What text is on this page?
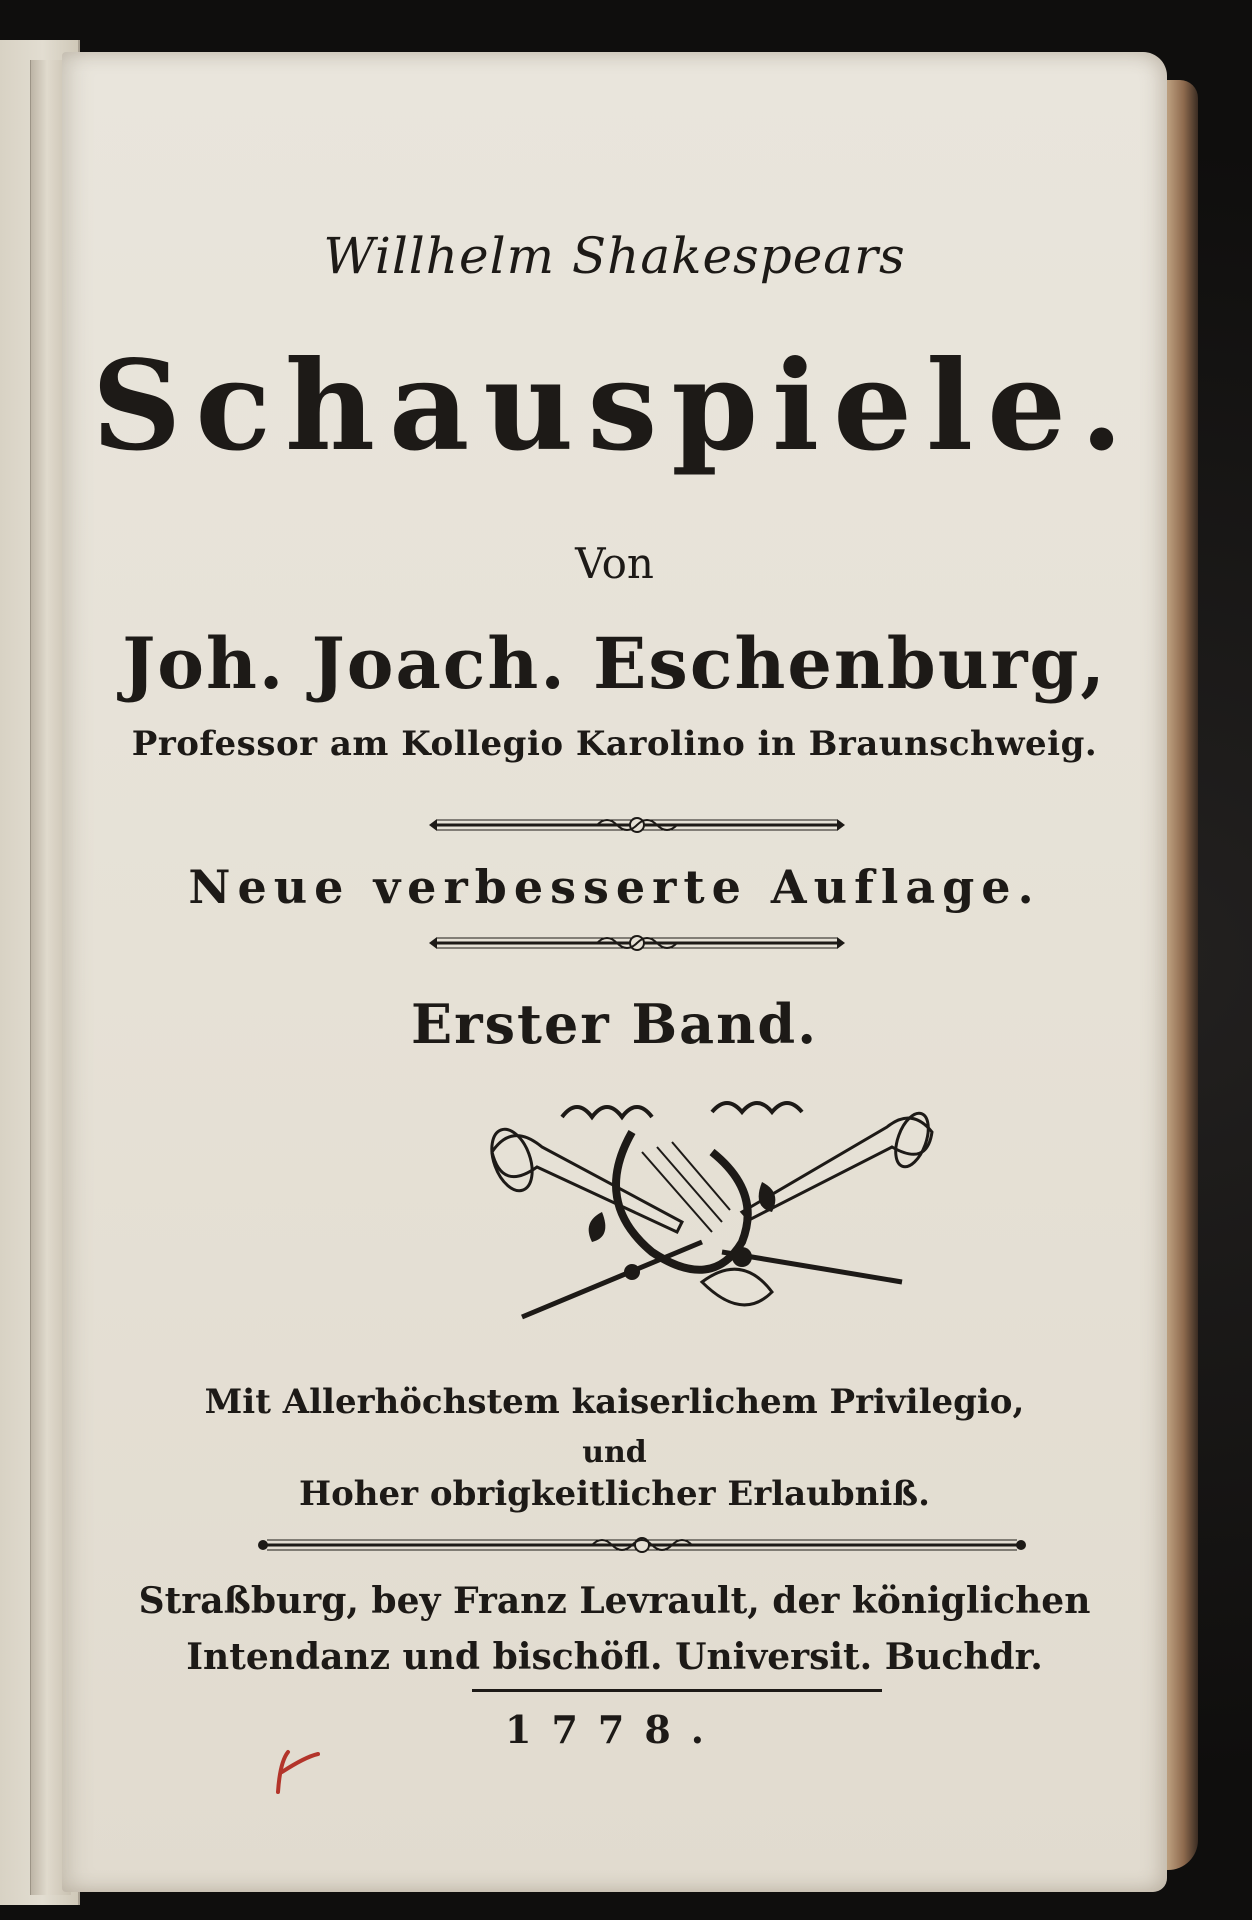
Willhelm Shakespears

Schauspiele.

Von

Joh. Joach. Eschenburg,

Professor am Kollegio Karolino in Braunschweig.

Neue verbesserte Auflage.

Erster Band.

Mit Allerhöchstem kaiserlichem Privilegio,

und

Hoher obrigkeitlicher Erlaubniß.

Straßburg, bey Franz Levrault, der königlichen

Intendanz und bischöfl. Universit. Buchdr.

1778.
